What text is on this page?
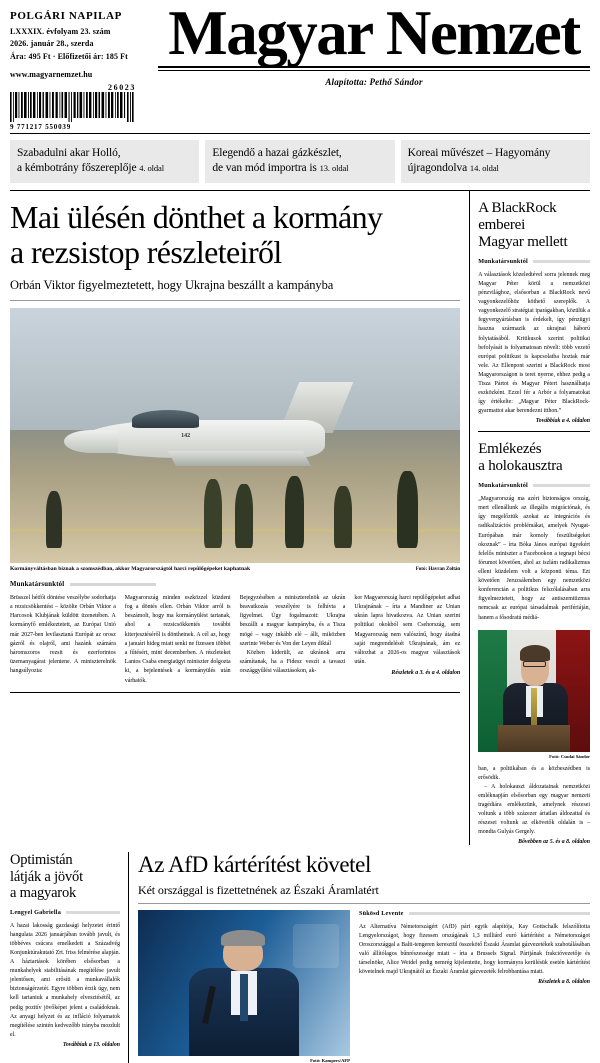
POLGÁRI NAPILAP
LXXXIX. évfolyam 23. szám
2026. január 28., szerda
Ára: 495 Ft · Előfizetői ár: 185 Ft
www.magyarnemzet.hu
26023
9 771217 550039
Magyar Nemzet
Alapította: Pethő Sándor
Szabadulni akar Holló,
a kémbotrány főszereplője 4. oldal
Elegendő a hazai gázkészlet,
de van mód importra is 13. oldal
Koreai művészet – Hagyomány
újragondolva 14. oldal
Mai ülésén dönthet a kormány
a rezsistop részleteiről
Orbán Viktor figyelmeztetett, hogy Ukrajna beszállt a kampányba
142
Kormányváltásban bíznak a szomszédban, akkor Magyarországtól harci repülőgépeket kaphatnak	Fotó: Havran Zoltán
Munkatársunktól

Brüsszel hétfői döntése veszélybe sodorhatja a rezsicsökkentést – közölte Orbán Viktor a Harcosok Klubjának küldött üzenetében. A kormányfő emlékeztetett, az Európai Unió már 2027-ben levilasztaná Európát az orosz gázról és olajról, ami hazánk számára háromszoros rezsit és ezerforintos üzemanyagárat jelentene. A miniszterelnök hangsúlyozta:

Magyarország minden eszközzel küzdeni fog a döntés ellen. Orbán Viktor arról is beszámolt, hogy ma kormányülést tartanak, ahol a rezsicsökkentés további kiterjesztéséről is dönthetnek. A cél az, hogy a januári hideg miatt senki ne fizessen többet a fűtésért, mint decemberben. A részleteket Lantos Csaba energiaügyi miniszter dolgozta ki, a bejelentések a kormányülés után várhatók.

Bejegyzésében a miniszterelnök az ukrán beavatkozás veszélyére is felhívta a figyelmet. Úgy fogalmazott: Ukrajna beszállt a magyar kampányba, és a Tisza mögé – vagy inkább elé – állt, miközben szerinte Weber és Von der Leyen diktál

Közben kiderült, az ukránok arra számítanak, ha a Fidesz veszít a tavaszi országgyűlési választásokon, ak-

kor Magyarország harci repülőgépeket adhat Ukrajnának – írta a Mandiner az Unian ukrán lapra hivatkozva. Az Unian szerint politikai okokból sem Csehország, sem Magyarország nem valószínű, hogy átadná saját megrendelését Ukrajnának, ám ez változhat a 2026-os magyar választások után.

Részletek a 3. és a 4. oldalon
A BlackRock
emberei
Magyar mellett
Munkatársunktól

A választások közeledtével sorra jelennek meg Magyar Péter körül a nemzetközi pénzvilághoz, elsősorban a BlackRock nevű vagyonkezelőhöz köthető szereplők. A vagyonkezelő stratégiai iparágakban, közülük a fegyvergyártásban is érdekelt, így pénzügyi haszna származik az ukrajnai háború folytatásából. Kritikusok szerint politikai befolyását is folyamatosan növeli: több vezető európai politikust is kapcsolatba hoztak már vele. Az Ellenpont szerint a BlackRock most Magyarországon is teret nyerne, ehhez pedig a Tisza Pártot és Magyar Pétert használhatja eszközként. Ezzel fér a Arbór a folyamatokat így értékelte: „Magyar Péter BlackRock-gyarmattot akar berendezni itthon.”

Továbbiak a 4. oldalon
Emlékezés
a holokausztra
Munkatársunktól

„Magyarország ma azért biztonságos ország, mert ellenállunk az illegális migrációnak, és így megelőztük azokat az integrációs és radikalizációs problémákat, amelyek Nyugat-Európában már komoly feszültségeket okoznak” – írta Bóka János európai ügyekért felelős miniszter a Facebookon a tegnapi bécsi fórumot követően, ahol az iszlám radikalizmus elleni küzdelem volt a központi téma. Ezt követően Jeruzsálemben egy nemzetközi konferencián a politikus felszólalásában arra figyelmeztetett, hogy az antiszemitizmus nemcsak az európai társadalmak perifériáján, hanem a fősodratú médiá-

Fotó: Csudai Sándor

ban, a politikában és a közbeszédben is erősödik.

– A holokauszt áldozatainak nemzetközi emléknapján elsősorban egy magyar nemzeti tragédiára emlékezünk, amelynek részesei voltunk a több százezer ártatlan áldozattal és részesei voltunk az elkövetők oldalán is – mondta Gulyás Gergely.

Bővebben az 5. és a 8. oldalon
Optimistán
látják a jövőt
a magyarok
Lengyel Gabriella

A hazai lakosság gazdasági helyzetet érintő hangulata 2026 januárjában tovább javult, és többéves csúcsra emelkedett a Századvég Konjunktúrakutató Zrt. friss felmérése alapján. A háztartások körében elsősorban a munkahelyek stabilitásának megítélése javult jelentősen, ami erősíti a munkavállalók biztonságérzetét. Egyre többen érzik úgy, nem kell tartaniuk a munkahely elvesztésétől, az pedig pozitív jövőképet jelent a családoknak. Az anyagi helyzet és az infláció folyamatok megítélése szintén kedvezőbb irányba mozdult el.

Továbbiak a 13. oldalon
Az AfD kártérítést követel
Két országgal is fizettetnének az Északi Áramlatért
Fotó: Kampers/AFP
Sükösd Levente

Az Alternatíva Németországért (AfD) párt egyik alapítója, Kay Gottschalk felszólította Lengyelországot, hogy fizessen országának 1,3 milliárd euró kártérítést a Németországot Oroszországgal a Balti-tengeren keresztül összekötő Északi Áramlat gázvezetékek szabotálásában való állítólagos bűnrészessége miatt – írta a Brussels Signal. Pártjának frakcióvezetője és társelnöke, Alice Weidel pedig nemrég kijelentette, hogy kormányra kerülésük esetén kártérítést követelnek majd Ukrajnától az Északi Áramlat gázvezeték felrobbantása miatt.

Részletek a 8. oldalon
